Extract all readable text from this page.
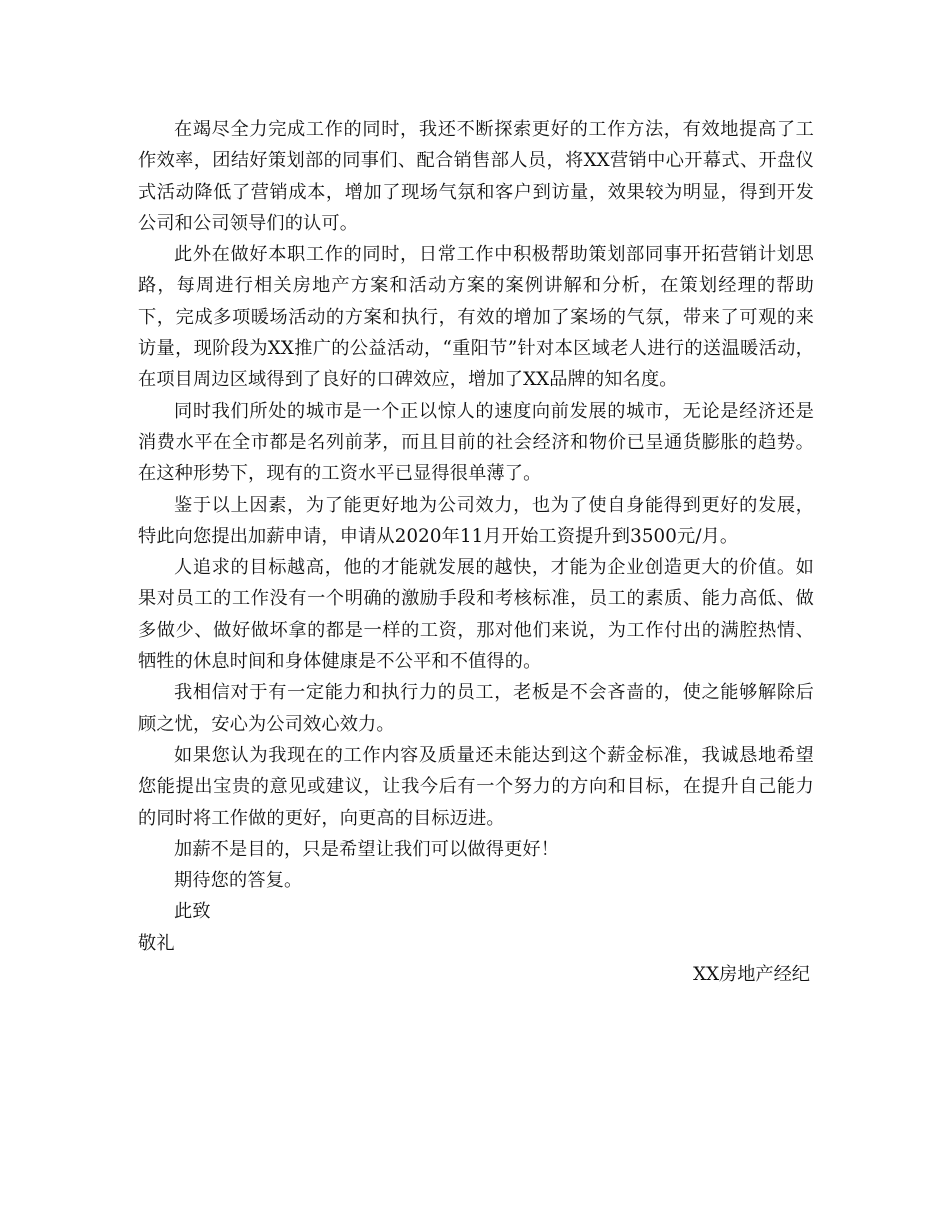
在竭尽全力完成工作的同时，我还不断探索更好的工作方法，有效地提高了工作效率，团结好策划部的同事们、配合销售部人员，将XX营销中心开幕式、开盘仪式活动降低了营销成本，增加了现场气氛和客户到访量，效果较为明显，得到开发公司和公司领导们的认可。

此外在做好本职工作的同时，日常工作中积极帮助策划部同事开拓营销计划思路，每周进行相关房地产方案和活动方案的案例讲解和分析，在策划经理的帮助下，完成多项暖场活动的方案和执行，有效的增加了案场的气氛，带来了可观的来访量，现阶段为XX推广的公益活动，“重阳节”针对本区域老人进行的送温暖活动，在项目周边区域得到了良好的口碑效应，增加了XX品牌的知名度。

同时我们所处的城市是一个正以惊人的速度向前发展的城市，无论是经济还是消费水平在全市都是名列前茅，而且目前的社会经济和物价已呈通货膨胀的趋势。在这种形势下，现有的工资水平已显得很单薄了。

鉴于以上因素，为了能更好地为公司效力，也为了使自身能得到更好的发展，特此向您提出加薪申请，申请从2020年11月开始工资提升到3500元/月。

人追求的目标越高，他的才能就发展的越快，才能为企业创造更大的价值。如果对员工的工作没有一个明确的激励手段和考核标准，员工的素质、能力高低、做多做少、做好做坏拿的都是一样的工资，那对他们来说，为工作付出的满腔热情、牺牲的休息时间和身体健康是不公平和不值得的。

我相信对于有一定能力和执行力的员工，老板是不会吝啬的，使之能够解除后顾之忧，安心为公司效心效力。

如果您认为我现在的工作内容及质量还未能达到这个薪金标准，我诚恳地希望您能提出宝贵的意见或建议，让我今后有一个努力的方向和目标，在提升自己能力的同时将工作做的更好，向更高的目标迈进。

加薪不是目的，只是希望让我们可以做得更好！

期待您的答复。

此致

敬礼

XX房地产经纪
